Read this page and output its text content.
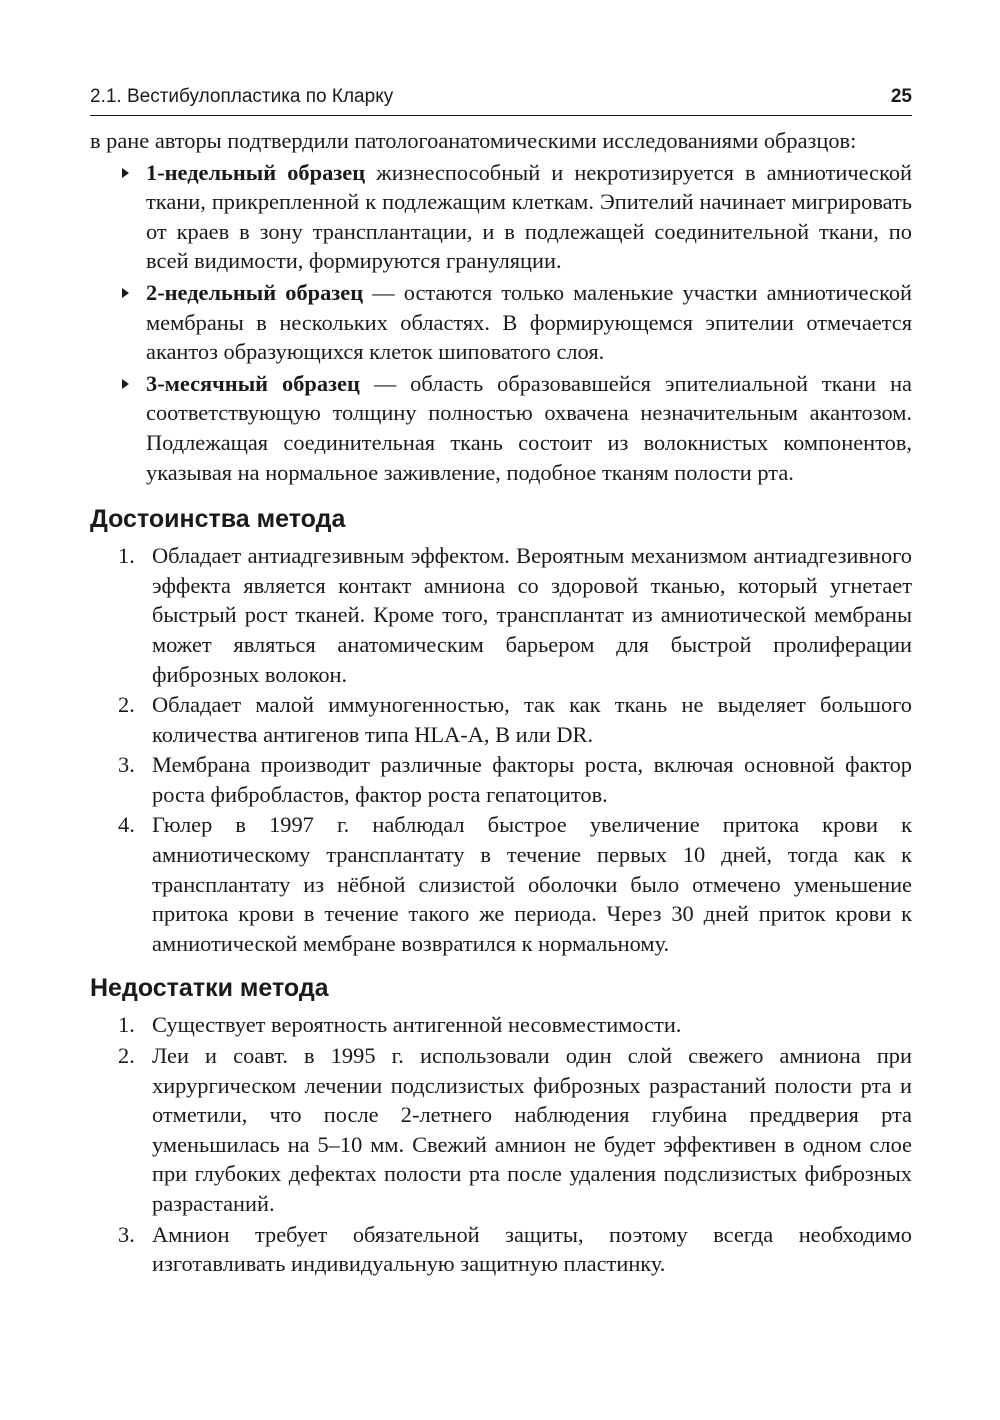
2.1. Вестибулопластика по Кларку	25

в ране авторы подтвердили патологоанатомическими исследованиями образцов:

1-недельный образец жизнеспособный и некротизируется в амниотической ткани, прикрепленной к подлежащим клеткам. Эпителий начинает мигрировать от краев в зону трансплантации, и в подлежащей соединительной ткани, по всей видимости, формируются грануляции.
2-недельный образец — остаются только маленькие участки амниотической мембраны в нескольких областях. В формирующемся эпителии отмечается акантоз образующихся клеток шиповатого слоя.
3-месячный образец — область образовавшейся эпителиальной ткани на соответствующую толщину полностью охвачена незначительным акантозом. Подлежащая соединительная ткань состоит из волокнистых компонентов, указывая на нормальное заживление, подобное тканям полости рта.
Достоинства метода
1. Обладает антиадгезивным эффектом. Вероятным механизмом антиадгезивного эффекта является контакт амниона со здоровой тканью, который угнетает быстрый рост тканей. Кроме того, трансплантат из амниотической мембраны может являться анатомическим барьером для быстрой пролиферации фиброзных волокон.
2. Обладает малой иммуногенностью, так как ткань не выделяет большого количества антигенов типа HLA-A, B или DR.
3. Мембрана производит различные факторы роста, включая основной фактор роста фибробластов, фактор роста гепатоцитов.
4. Гюлер в 1997 г. наблюдал быстрое увеличение притока крови к амниотическому трансплантату в течение первых 10 дней, тогда как к трансплантату из нёбной слизистой оболочки было отмечено уменьшение притока крови в течение такого же периода. Через 30 дней приток крови к амниотической мембране возвратился к нормальному.
Недостатки метода
1. Существует вероятность антигенной несовместимости.
2. Леи и соавт. в 1995 г. использовали один слой свежего амниона при хирургическом лечении подслизистых фиброзных разрастаний полости рта и отметили, что после 2-летнего наблюдения глубина преддверия рта уменьшилась на 5–10 мм. Свежий амнион не будет эффективен в одном слое при глубоких дефектах полости рта после удаления подслизистых фиброзных разрастаний.
3. Амнион требует обязательной защиты, поэтому всегда необходимо изготавливать индивидуальную защитную пластинку.
